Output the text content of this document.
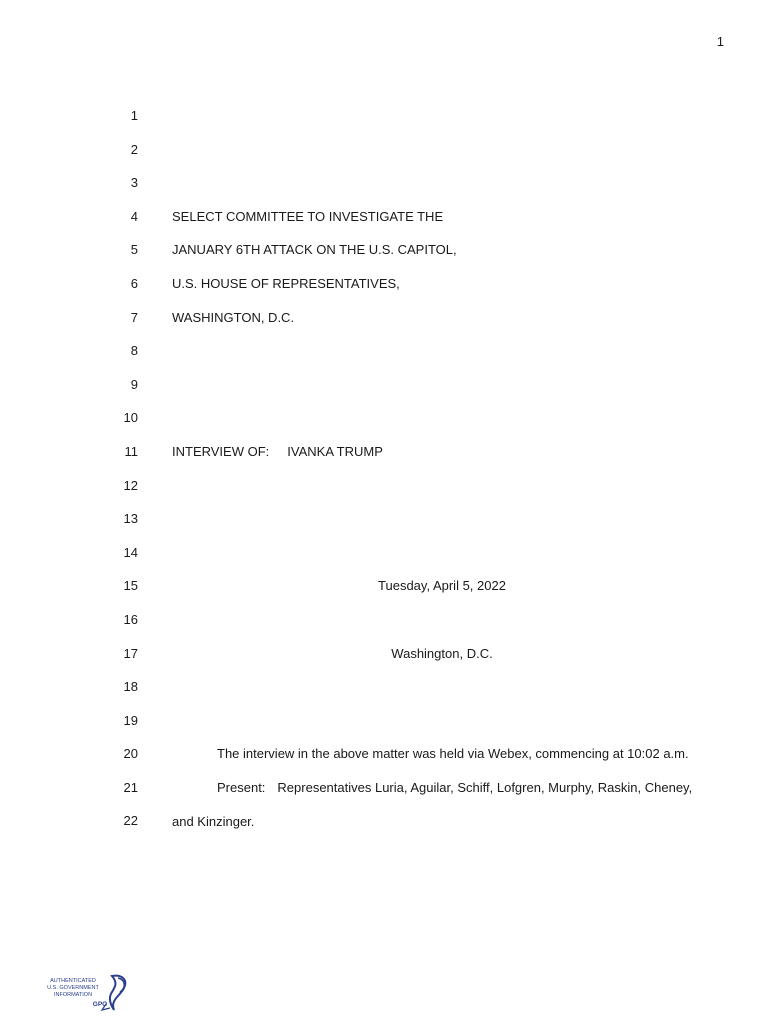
1
1
2
3
4
5
6
7
8
9
10
11
12
13
14
15
16
17
18
19
20
21
22
SELECT COMMITTEE TO INVESTIGATE THE
JANUARY 6TH ATTACK ON THE U.S. CAPITOL,
U.S. HOUSE OF REPRESENTATIVES,
WASHINGTON, D.C.
INTERVIEW OF: IVANKA TRUMP
Tuesday, April 5, 2022
Washington, D.C.
The interview in the above matter was held via Webex, commencing at 10:02 a.m.
Present: Representatives Luria, Aguilar, Schiff, Lofgren, Murphy, Raskin, Cheney,
and Kinzinger.
AUTHENTICATED
U.S. GOVERNMENT
INFORMATION
GPO
